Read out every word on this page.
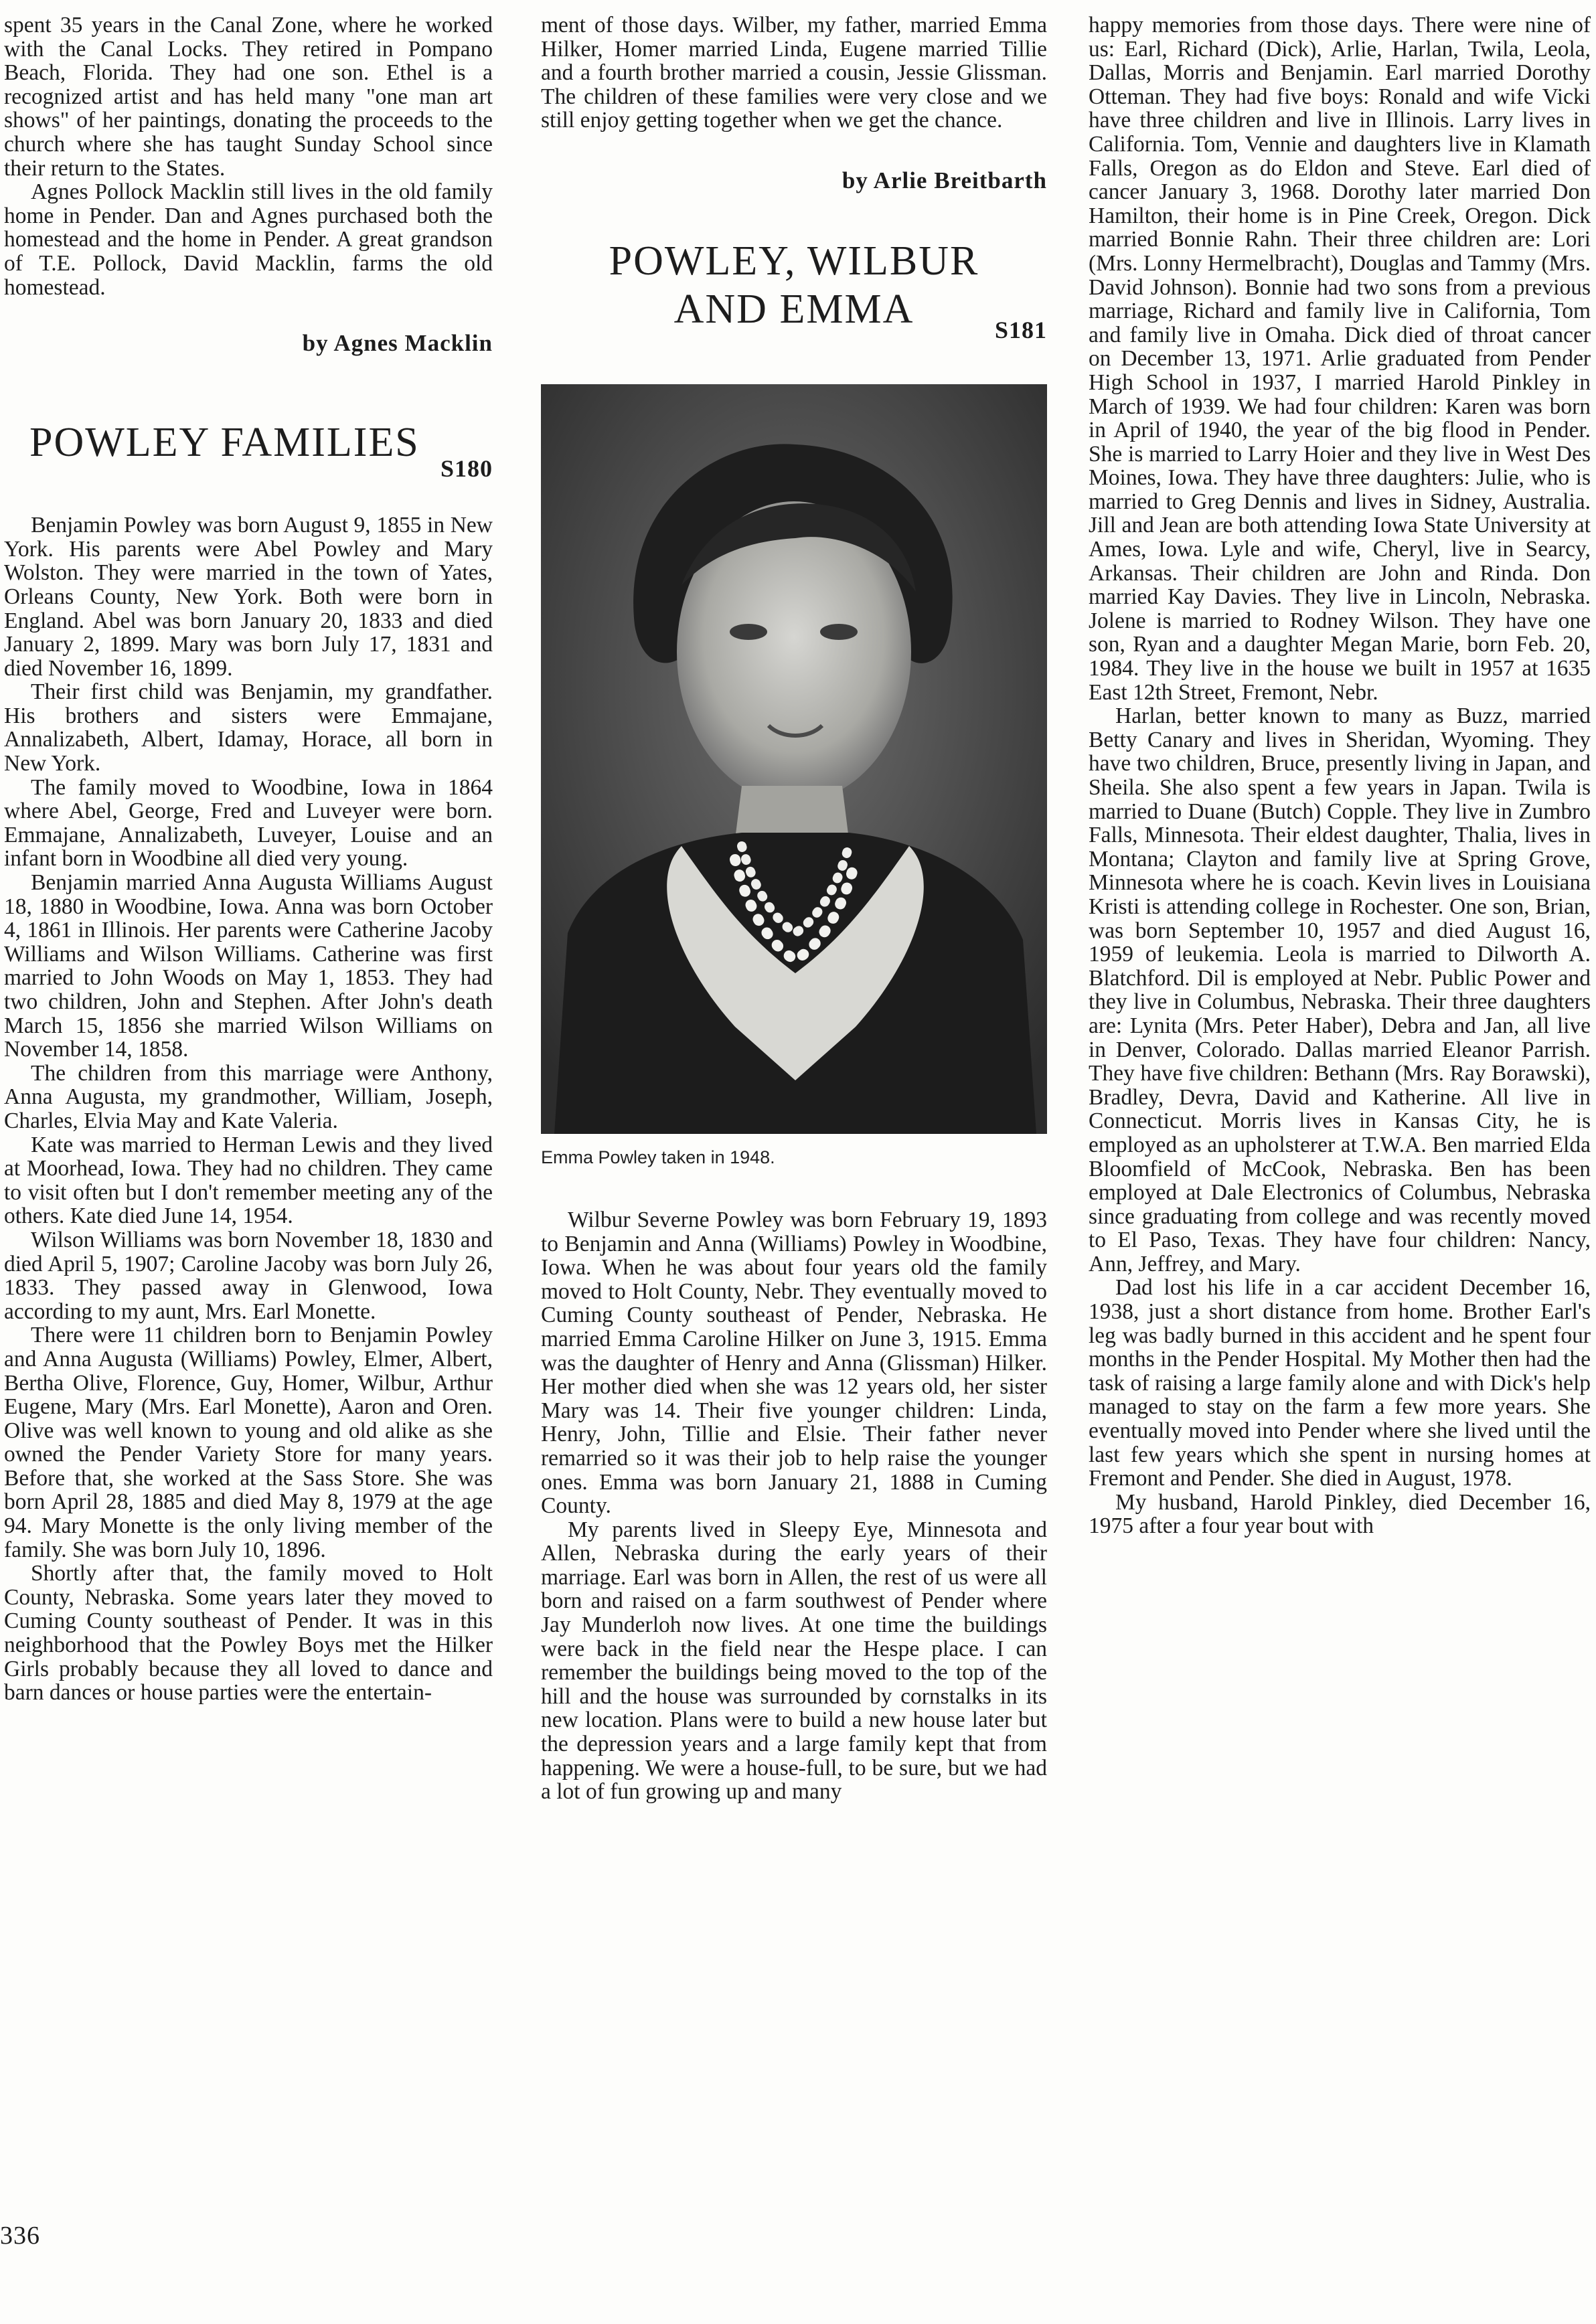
spent 35 years in the Canal Zone, where he worked with the Canal Locks. They retired in Pompano Beach, Florida. They had one son. Ethel is a recognized artist and has held many "one man art shows" of her paintings, donating the proceeds to the church where she has taught Sunday School since their return to the States.

Agnes Pollock Macklin still lives in the old family home in Pender. Dan and Agnes purchased both the homestead and the home in Pender. A great grandson of T.E. Pollock, David Macklin, farms the old homestead.

by Agnes Macklin
POWLEY FAMILIES
S180

Benjamin Powley was born August 9, 1855 in New York. His parents were Abel Powley and Mary Wolston. They were married in the town of Yates, Orleans County, New York. Both were born in England. Abel was born January 20, 1833 and died January 2, 1899. Mary was born July 17, 1831 and died November 16, 1899.

Their first child was Benjamin, my grandfather. His brothers and sisters were Emmajane, Annalizabeth, Albert, Idamay, Horace, all born in New York.

The family moved to Woodbine, Iowa in 1864 where Abel, George, Fred and Luveyer were born. Emmajane, Annalizabeth, Luveyer, Louise and an infant born in Woodbine all died very young.

Benjamin married Anna Augusta Williams August 18, 1880 in Woodbine, Iowa. Anna was born October 4, 1861 in Illinois. Her parents were Catherine Jacoby Williams and Wilson Williams. Catherine was first married to John Woods on May 1, 1853. They had two children, John and Stephen. After John's death March 15, 1856 she married Wilson Williams on November 14, 1858.

The children from this marriage were Anthony, Anna Augusta, my grandmother, William, Joseph, Charles, Elvia May and Kate Valeria.

Kate was married to Herman Lewis and they lived at Moorhead, Iowa. They had no children. They came to visit often but I don't remember meeting any of the others. Kate died June 14, 1954.

Wilson Williams was born November 18, 1830 and died April 5, 1907; Caroline Jacoby was born July 26, 1833. They passed away in Glenwood, Iowa according to my aunt, Mrs. Earl Monette.

There were 11 children born to Benjamin Powley and Anna Augusta (Williams) Powley, Elmer, Albert, Bertha Olive, Florence, Guy, Homer, Wilbur, Arthur Eugene, Mary (Mrs. Earl Monette), Aaron and Oren. Olive was well known to young and old alike as she owned the Pender Variety Store for many years. Before that, she worked at the Sass Store. She was born April 28, 1885 and died May 8, 1979 at the age 94. Mary Monette is the only living member of the family. She was born July 10, 1896.

Shortly after that, the family moved to Holt County, Nebraska. Some years later they moved to Cuming County southeast of Pender. It was in this neighborhood that the Powley Boys met the Hilker Girls probably because they all loved to dance and barn dances or house parties were the entertain-

ment of those days. Wilber, my father, married Emma Hilker, Homer married Linda, Eugene married Tillie and a fourth brother married a cousin, Jessie Glissman. The children of these families were very close and we still enjoy getting together when we get the chance.

by Arlie Breitbarth
POWLEY, WILBUR AND EMMA	S181
Emma Powley taken in 1948.

Wilbur Severne Powley was born February 19, 1893 to Benjamin and Anna (Williams) Powley in Woodbine, Iowa. When he was about four years old the family moved to Holt County, Nebr. They eventually moved to Cuming County southeast of Pender, Nebraska. He married Emma Caroline Hilker on June 3, 1915. Emma was the daughter of Henry and Anna (Glissman) Hilker. Her mother died when she was 12 years old, her sister Mary was 14. Their five younger children: Linda, Henry, John, Tillie and Elsie. Their father never remarried so it was their job to help raise the younger ones. Emma was born January 21, 1888 in Cuming County.

My parents lived in Sleepy Eye, Minnesota and Allen, Nebraska during the early years of their marriage. Earl was born in Allen, the rest of us were all born and raised on a farm southwest of Pender where Jay Munderloh now lives. At one time the buildings were back in the field near the Hespe place. I can remember the buildings being moved to the top of the hill and the house was surrounded by cornstalks in its new location. Plans were to build a new house later but the depression years and a large family kept that from happening. We were a house-full, to be sure, but we had a lot of fun growing up and many

happy memories from those days. There were nine of us: Earl, Richard (Dick), Arlie, Harlan, Twila, Leola, Dallas, Morris and Benjamin. Earl married Dorothy Otteman. They had five boys: Ronald and wife Vicki have three children and live in Illinois. Larry lives in California. Tom, Vennie and daughters live in Klamath Falls, Oregon as do Eldon and Steve. Earl died of cancer January 3, 1968. Dorothy later married Don Hamilton, their home is in Pine Creek, Oregon. Dick married Bonnie Rahn. Their three children are: Lori (Mrs. Lonny Hermelbracht), Douglas and Tammy (Mrs. David Johnson). Bonnie had two sons from a previous marriage, Richard and family live in California, Tom and family live in Omaha. Dick died of throat cancer on December 13, 1971. Arlie graduated from Pender High School in 1937, I married Harold Pinkley in March of 1939. We had four children: Karen was born in April of 1940, the year of the big flood in Pender. She is married to Larry Hoier and they live in West Des Moines, Iowa. They have three daughters: Julie, who is married to Greg Dennis and lives in Sidney, Australia. Jill and Jean are both attending Iowa State University at Ames, Iowa. Lyle and wife, Cheryl, live in Searcy, Arkansas. Their children are John and Rinda. Don married Kay Davies. They live in Lincoln, Nebraska. Jolene is married to Rodney Wilson. They have one son, Ryan and a daughter Megan Marie, born Feb. 20, 1984. They live in the house we built in 1957 at 1635 East 12th Street, Fremont, Nebr.

Harlan, better known to many as Buzz, married Betty Canary and lives in Sheridan, Wyoming. They have two children, Bruce, presently living in Japan, and Sheila. She also spent a few years in Japan. Twila is married to Duane (Butch) Copple. They live in Zumbro Falls, Minnesota. Their eldest daughter, Thalia, lives in Montana; Clayton and family live at Spring Grove, Minnesota where he is coach. Kevin lives in Louisiana Kristi is attending college in Rochester. One son, Brian, was born September 10, 1957 and died August 16, 1959 of leukemia. Leola is married to Dilworth A. Blatchford. Dil is employed at Nebr. Public Power and they live in Columbus, Nebraska. Their three daughters are: Lynita (Mrs. Peter Haber), Debra and Jan, all live in Denver, Colorado. Dallas married Eleanor Parrish. They have five children: Bethann (Mrs. Ray Borawski), Bradley, Devra, David and Katherine. All live in Connecticut. Morris lives in Kansas City, he is employed as an upholsterer at T.W.A. Ben married Elda Bloomfield of McCook, Nebraska. Ben has been employed at Dale Electronics of Columbus, Nebraska since graduating from college and was recently moved to El Paso, Texas. They have four children: Nancy, Ann, Jeffrey, and Mary.

Dad lost his life in a car accident December 16, 1938, just a short distance from home. Brother Earl's leg was badly burned in this accident and he spent four months in the Pender Hospital. My Mother then had the task of raising a large family alone and with Dick's help managed to stay on the farm a few more years. She eventually moved into Pender where she lived until the last few years which she spent in nursing homes at Fremont and Pender. She died in August, 1978.

My husband, Harold Pinkley, died December 16, 1975 after a four year bout with

336
